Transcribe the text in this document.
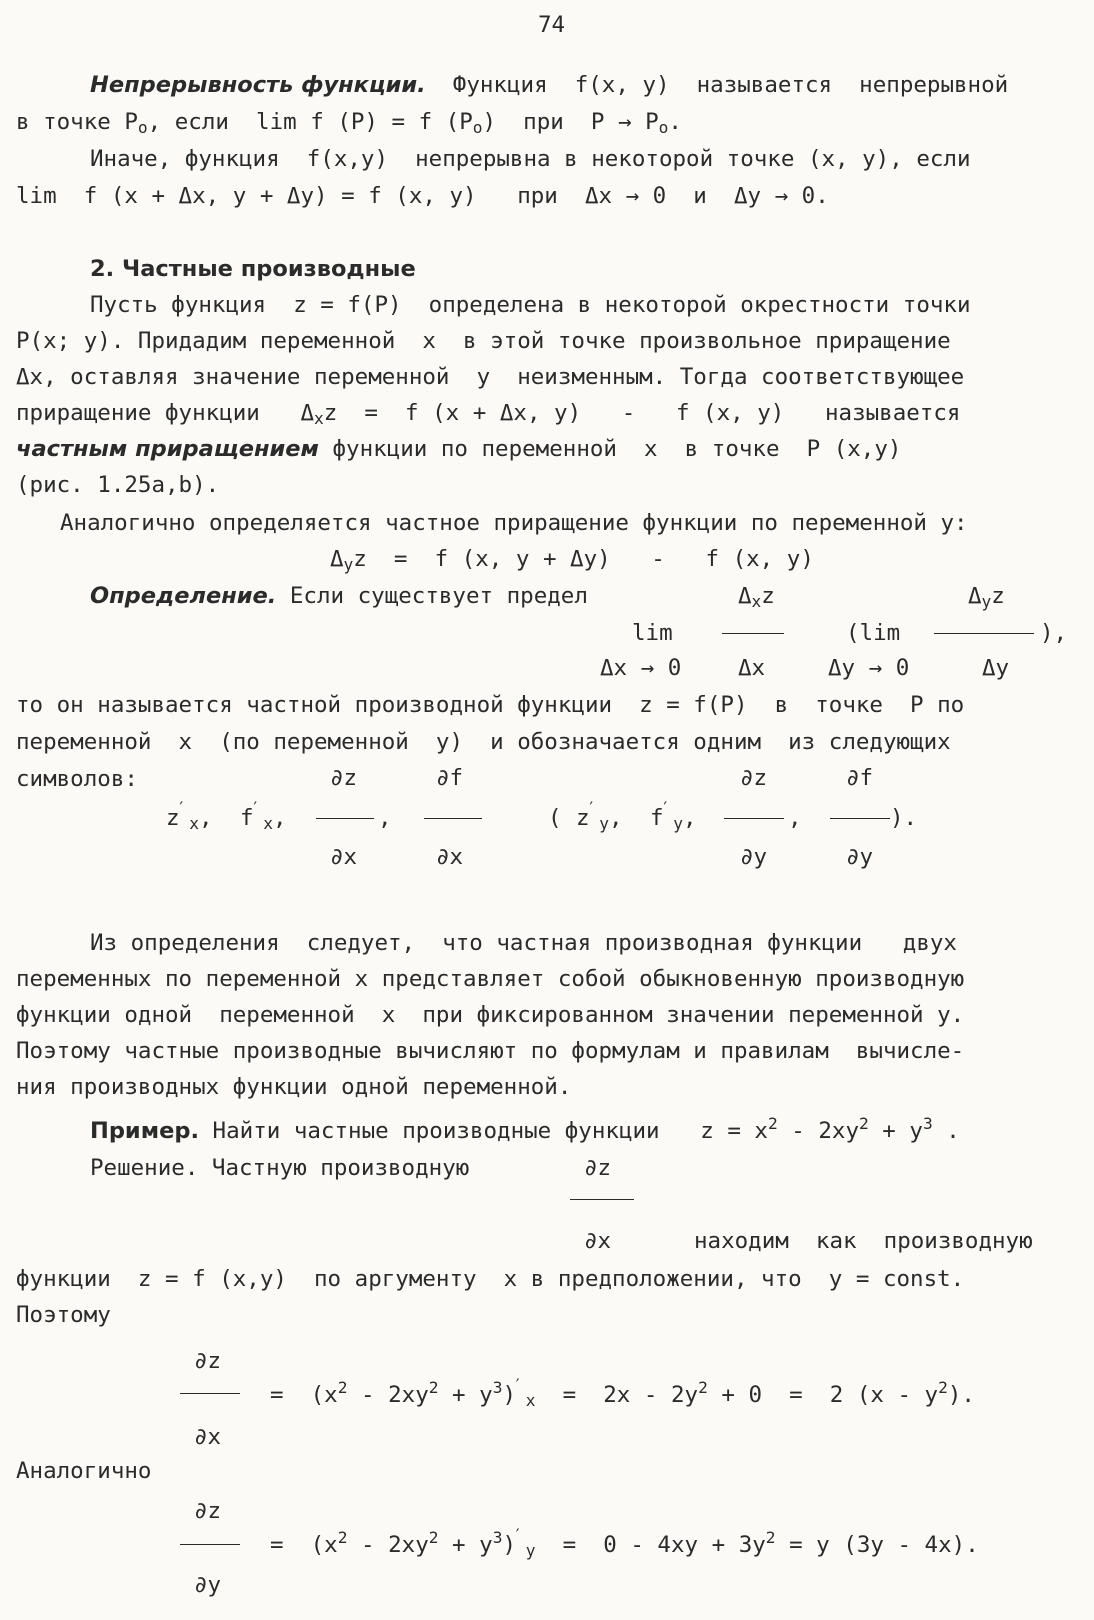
74
Непрерывность функции. Функция  f(x, y)  называется  непрерывной
в точке $P_o$, если  lim f (P) = f $(P_o)$  при  $P \to P_o$.
Иначе, функция  f(x,y)  непрерывна в некоторой точке (x, y), если
lim  f (x + Δx, y + Δy) = f (x, y)   при  Δx → 0  и  Δy → 0.
2. Частные производные
Пусть функция  z = f(P)  определена в некоторой окрестности точки
P(x; y). Придадим переменной  x  в этой точке произвольное приращение
Δx, оставляя значение переменной  y  неизменным. Тогда соответствующее
приращение функции   $\Delta_xz = f$ (x + Δx, y)   -   f (x, y)   называется
частным приращением функции по переменной  x  в точке  P (x,y)
(рис. 1.25a,b).
Аналогично определяется частное приращение функции по переменной y:
$\Delta_yz = f$ (x, y + Δy)   -   f (x, y)
Определение. Если существует предел	$\Delta_xz$	$\Delta_yz$
lim	(lim	),
Δx → 0	Δx	Δy → 0	Δy
то он называется частной производной функции  z = f(P)  в  точке  P по
переменной  x  (по переменной  y)  и обозначается одним  из следующих
символов:	∂z	∂f	∂z	∂f
$z'_x$, $f'_x$,	,	( $z'_y$, $f'_y$,	,	).
∂x	∂x	∂y	∂y
Из определения  следует,  что частная производная функции   двух
переменных по переменной x представляет собой обыкновенную производную
функции одной  переменной  x  при фиксированном значении переменной y.
Поэтому частные производные вычисляют по формулам и правилам  вычисле-
ния производных функции одной переменной.
Пример. Найти частные производные функции   $z = x^2 - 2xy^2 + y^3$ .
Решение. Частную производную	∂z
∂x	находим  как  производную
функции  z = f (x,y)  по аргументу  x в предположении, что  y = const.
Поэтому
∂z
∂x
=  $(x^2 - 2xy^2 + y^3)'_x = 2x - 2y^2 + 0 = 2$ $(x - y^2)$.
Аналогично
∂z
∂y
=  $(x^2 - 2xy^2 + y^3)'_y = 0 - 4xy + 3y^2 = y$ (3y - 4x).
